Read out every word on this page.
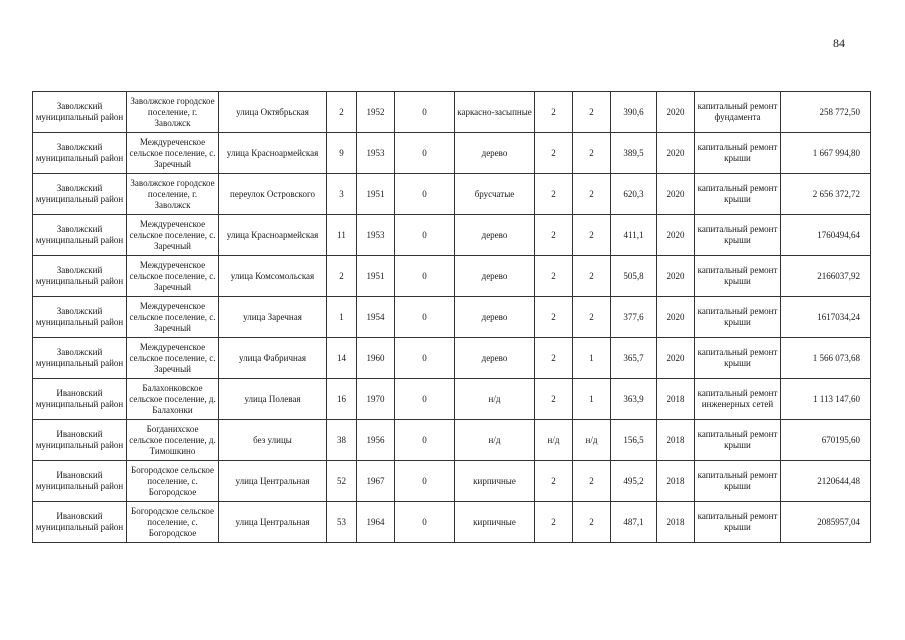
84
Заволжский муниципальный район	Заволжское городское поселение, г. Заволжск	улица Октябрьская	2	1952	0	каркасно-засыпные	2	2	390,6	2020	капитальный ремонт фундамента	258 772,50
Заволжский муниципальный район	Междуреченское сельское поселение, с. Заречный	улица Красноармейская	9	1953	0	дерево	2	2	389,5	2020	капитальный ремонт крыши	1 667 994,80
Заволжский муниципальный район	Заволжское городское поселение, г. Заволжск	переулок Островского	3	1951	0	брусчатые	2	2	620,3	2020	капитальный ремонт крыши	2 656 372,72
Заволжский муниципальный район	Междуреченское сельское поселение, с. Заречный	улица Красноармейская	11	1953	0	дерево	2	2	411,1	2020	капитальный ремонт крыши	1760494,64
Заволжский муниципальный район	Междуреченское сельское поселение, с. Заречный	улица Комсомольская	2	1951	0	дерево	2	2	505,8	2020	капитальный ремонт крыши	2166037,92
Заволжский муниципальный район	Междуреченское сельское поселение, с. Заречный	улица Заречная	1	1954	0	дерево	2	2	377,6	2020	капитальный ремонт крыши	1617034,24
Заволжский муниципальный район	Междуреченское сельское поселение, с. Заречный	улица Фабричная	14	1960	0	дерево	2	1	365,7	2020	капитальный ремонт крыши	1 566 073,68
Ивановский муниципальный район	Балахонковское сельское поселение, д. Балахонки	улица Полевая	16	1970	0	н/д	2	1	363,9	2018	капитальный ремонт инженерных сетей	1 113 147,60
Ивановский муниципальный район	Богданихское сельское поселение, д. Тимошкино	без улицы	38	1956	0	н/д	н/д	н/д	156,5	2018	капитальный ремонт крыши	670195,60
Ивановский муниципальный район	Богородское сельское поселение, с. Богородское	улица Центральная	52	1967	0	кирпичные	2	2	495,2	2018	капитальный ремонт крыши	2120644,48
Ивановский муниципальный район	Богородское сельское поселение, с. Богородское	улица Центральная	53	1964	0	кирпичные	2	2	487,1	2018	капитальный ремонт крыши	2085957,04
